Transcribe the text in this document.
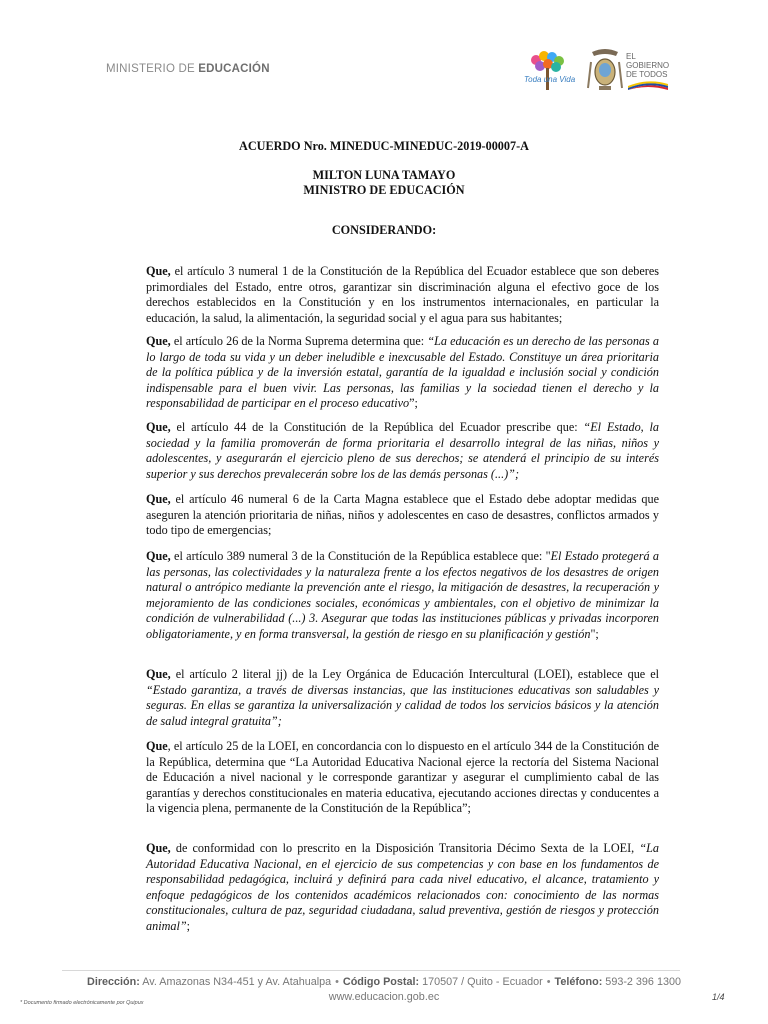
MINISTERIO DE EDUCACIÓN
Toda una Vida
EL GOBIERNO DE TODOS
ACUERDO Nro. MINEDUC-MINEDUC-2019-00007-A
MILTON LUNA TAMAYO
MINISTRO DE EDUCACIÓN
CONSIDERANDO:

Que, el artículo 3 numeral 1 de la Constitución de la República del Ecuador establece que son deberes primordiales del Estado, entre otros, garantizar sin discriminación alguna el efectivo goce de los derechos establecidos en la Constitución y en los instrumentos internacionales, en particular la educación, la salud, la alimentación, la seguridad social y el agua para sus habitantes;

Que, el artículo 26 de la Norma Suprema determina que: “La educación es un derecho de las personas a lo largo de toda su vida y un deber ineludible e inexcusable del Estado. Constituye un área prioritaria de la política pública y de la inversión estatal, garantía de la igualdad e inclusión social y condición indispensable para el buen vivir. Las personas, las familias y la sociedad tienen el derecho y la responsabilidad de participar en el proceso educativo”;

Que, el artículo 44 de la Constitución de la República del Ecuador prescribe que: “El Estado, la sociedad y la familia promoverán de forma prioritaria el desarrollo integral de las niñas, niños y adolescentes, y asegurarán el ejercicio pleno de sus derechos; se atenderá el principio de su interés superior y sus derechos prevalecerán sobre los de las demás personas (...)”;

Que, el artículo 46 numeral 6 de la Carta Magna establece que el Estado debe adoptar medidas que aseguren la atención prioritaria de niñas, niños y adolescentes en caso de desastres, conflictos armados y todo tipo de emergencias;

Que, el artículo 389 numeral 3 de la Constitución de la República establece que: "El Estado protegerá a las personas, las colectividades y la naturaleza frente a los efectos negativos de los desastres de origen natural o antrópico mediante la prevención ante el riesgo, la mitigación de desastres, la recuperación y mejoramiento de las condiciones sociales, económicas y ambientales, con el objetivo de minimizar la condición de vulnerabilidad (...) 3. Asegurar que todas las instituciones públicas y privadas incorporen obligatoriamente, y en forma transversal, la gestión de riesgo en su planificación y gestión";

Que, el artículo 2 literal jj) de la Ley Orgánica de Educación Intercultural (LOEI), establece que el “Estado garantiza, a través de diversas instancias, que las instituciones educativas son saludables y seguras. En ellas se garantiza la universalización y calidad de todos los servicios básicos y la atención de salud integral gratuita”;

Que, el artículo 25 de la LOEI, en concordancia con lo dispuesto en el artículo 344 de la Constitución de la República, determina que “La Autoridad Educativa Nacional ejerce la rectoría del Sistema Nacional de Educación a nivel nacional y le corresponde garantizar y asegurar el cumplimiento cabal de las garantías y derechos constitucionales en materia educativa, ejecutando acciones directas y conducentes a la vigencia plena, permanente de la Constitución de la República”;

Que, de conformidad con lo prescrito en la Disposición Transitoria Décimo Sexta de la LOEI, “La Autoridad Educativa Nacional, en el ejercicio de sus competencias y con base en los fundamentos de responsabilidad pedagógica, incluirá y definirá para cada nivel educativo, el alcance, tratamiento y enfoque pedagógicos de los contenidos académicos relacionados con: conocimiento de las normas constitucionales, cultura de paz, seguridad ciudadana, salud preventiva, gestión de riesgos y protección animal”;

Dirección: Av. Amazonas N34-451 y Av. Atahualpa • Código Postal: 170507 / Quito - Ecuador • Teléfono: 593-2 396 1300
www.educacion.gob.ec
* Documento firmado electrónicamente por Quipux
1/4
